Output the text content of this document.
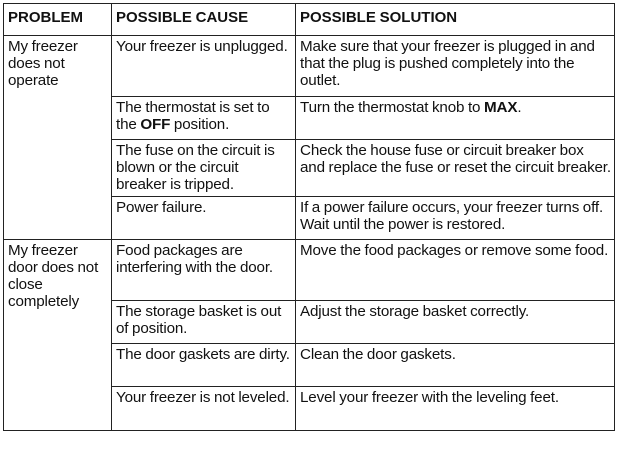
PROBLEM	POSSIBLE CAUSE	POSSIBLE SOLUTION
My freezer does not operate	Your freezer is unplugged.	Make sure that your freezer is plugged in and that the plug is pushed completely into the outlet.
	The thermostat is set to the OFF position.	Turn the thermostat knob to MAX.
	The fuse on the circuit is blown or the circuit breaker is tripped.	Check the house fuse or circuit breaker box and replace the fuse or reset the circuit breaker.
	Power failure.	If a power failure occurs, your freezer turns off. Wait until the power is restored.
My freezer door does not close completely	Food packages are interfering with the door.	Move the food packages or remove some food.
	The storage basket is out of position.	Adjust the storage basket correctly.
	The door gaskets are dirty.	Clean the door gaskets.
	Your freezer is not leveled.	Level your freezer with the leveling feet.
